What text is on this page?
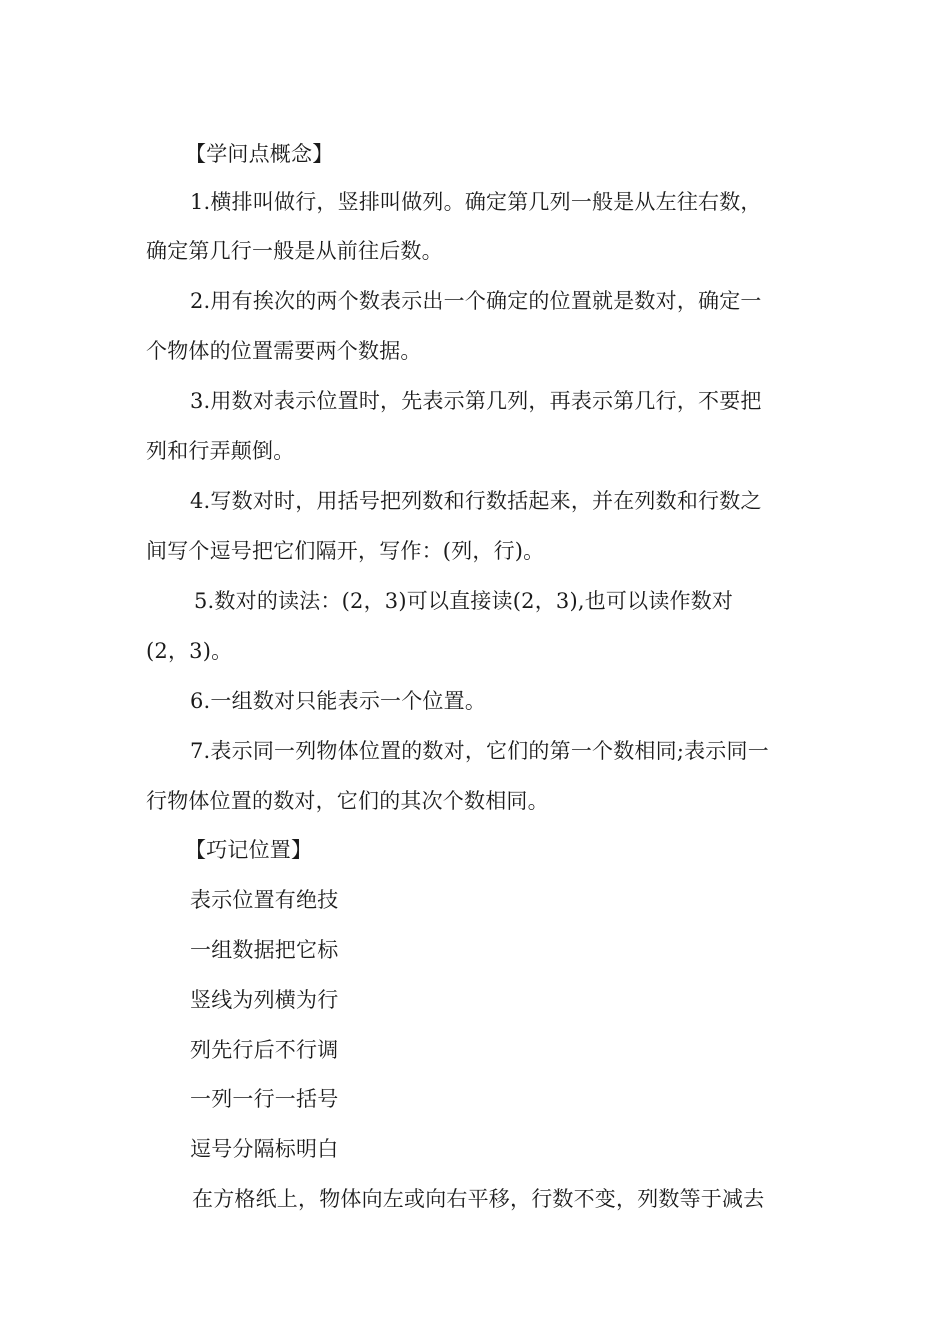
【学问点概念】
1.横排叫做行，竖排叫做列。确定第几列一般是从左往右数，
确定第几行一般是从前往后数。
2.用有挨次的两个数表示出一个确定的位置就是数对，确定一
个物体的位置需要两个数据。
3.用数对表示位置时，先表示第几列，再表示第几行，不要把
列和行弄颠倒。
4.写数对时，用括号把列数和行数括起来，并在列数和行数之
间写个逗号把它们隔开，写作：(列，行)。
5.数对的读法：(2，3)可以直接读(2，3),也可以读作数对
(2，3)。
6.一组数对只能表示一个位置。
7.表示同一列物体位置的数对，它们的第一个数相同;表示同一
行物体位置的数对，它们的其次个数相同。
【巧记位置】
表示位置有绝技
一组数据把它标
竖线为列横为行
列先行后不行调
一列一行一括号
逗号分隔标明白
在方格纸上，物体向左或向右平移，行数不变，列数等于减去
